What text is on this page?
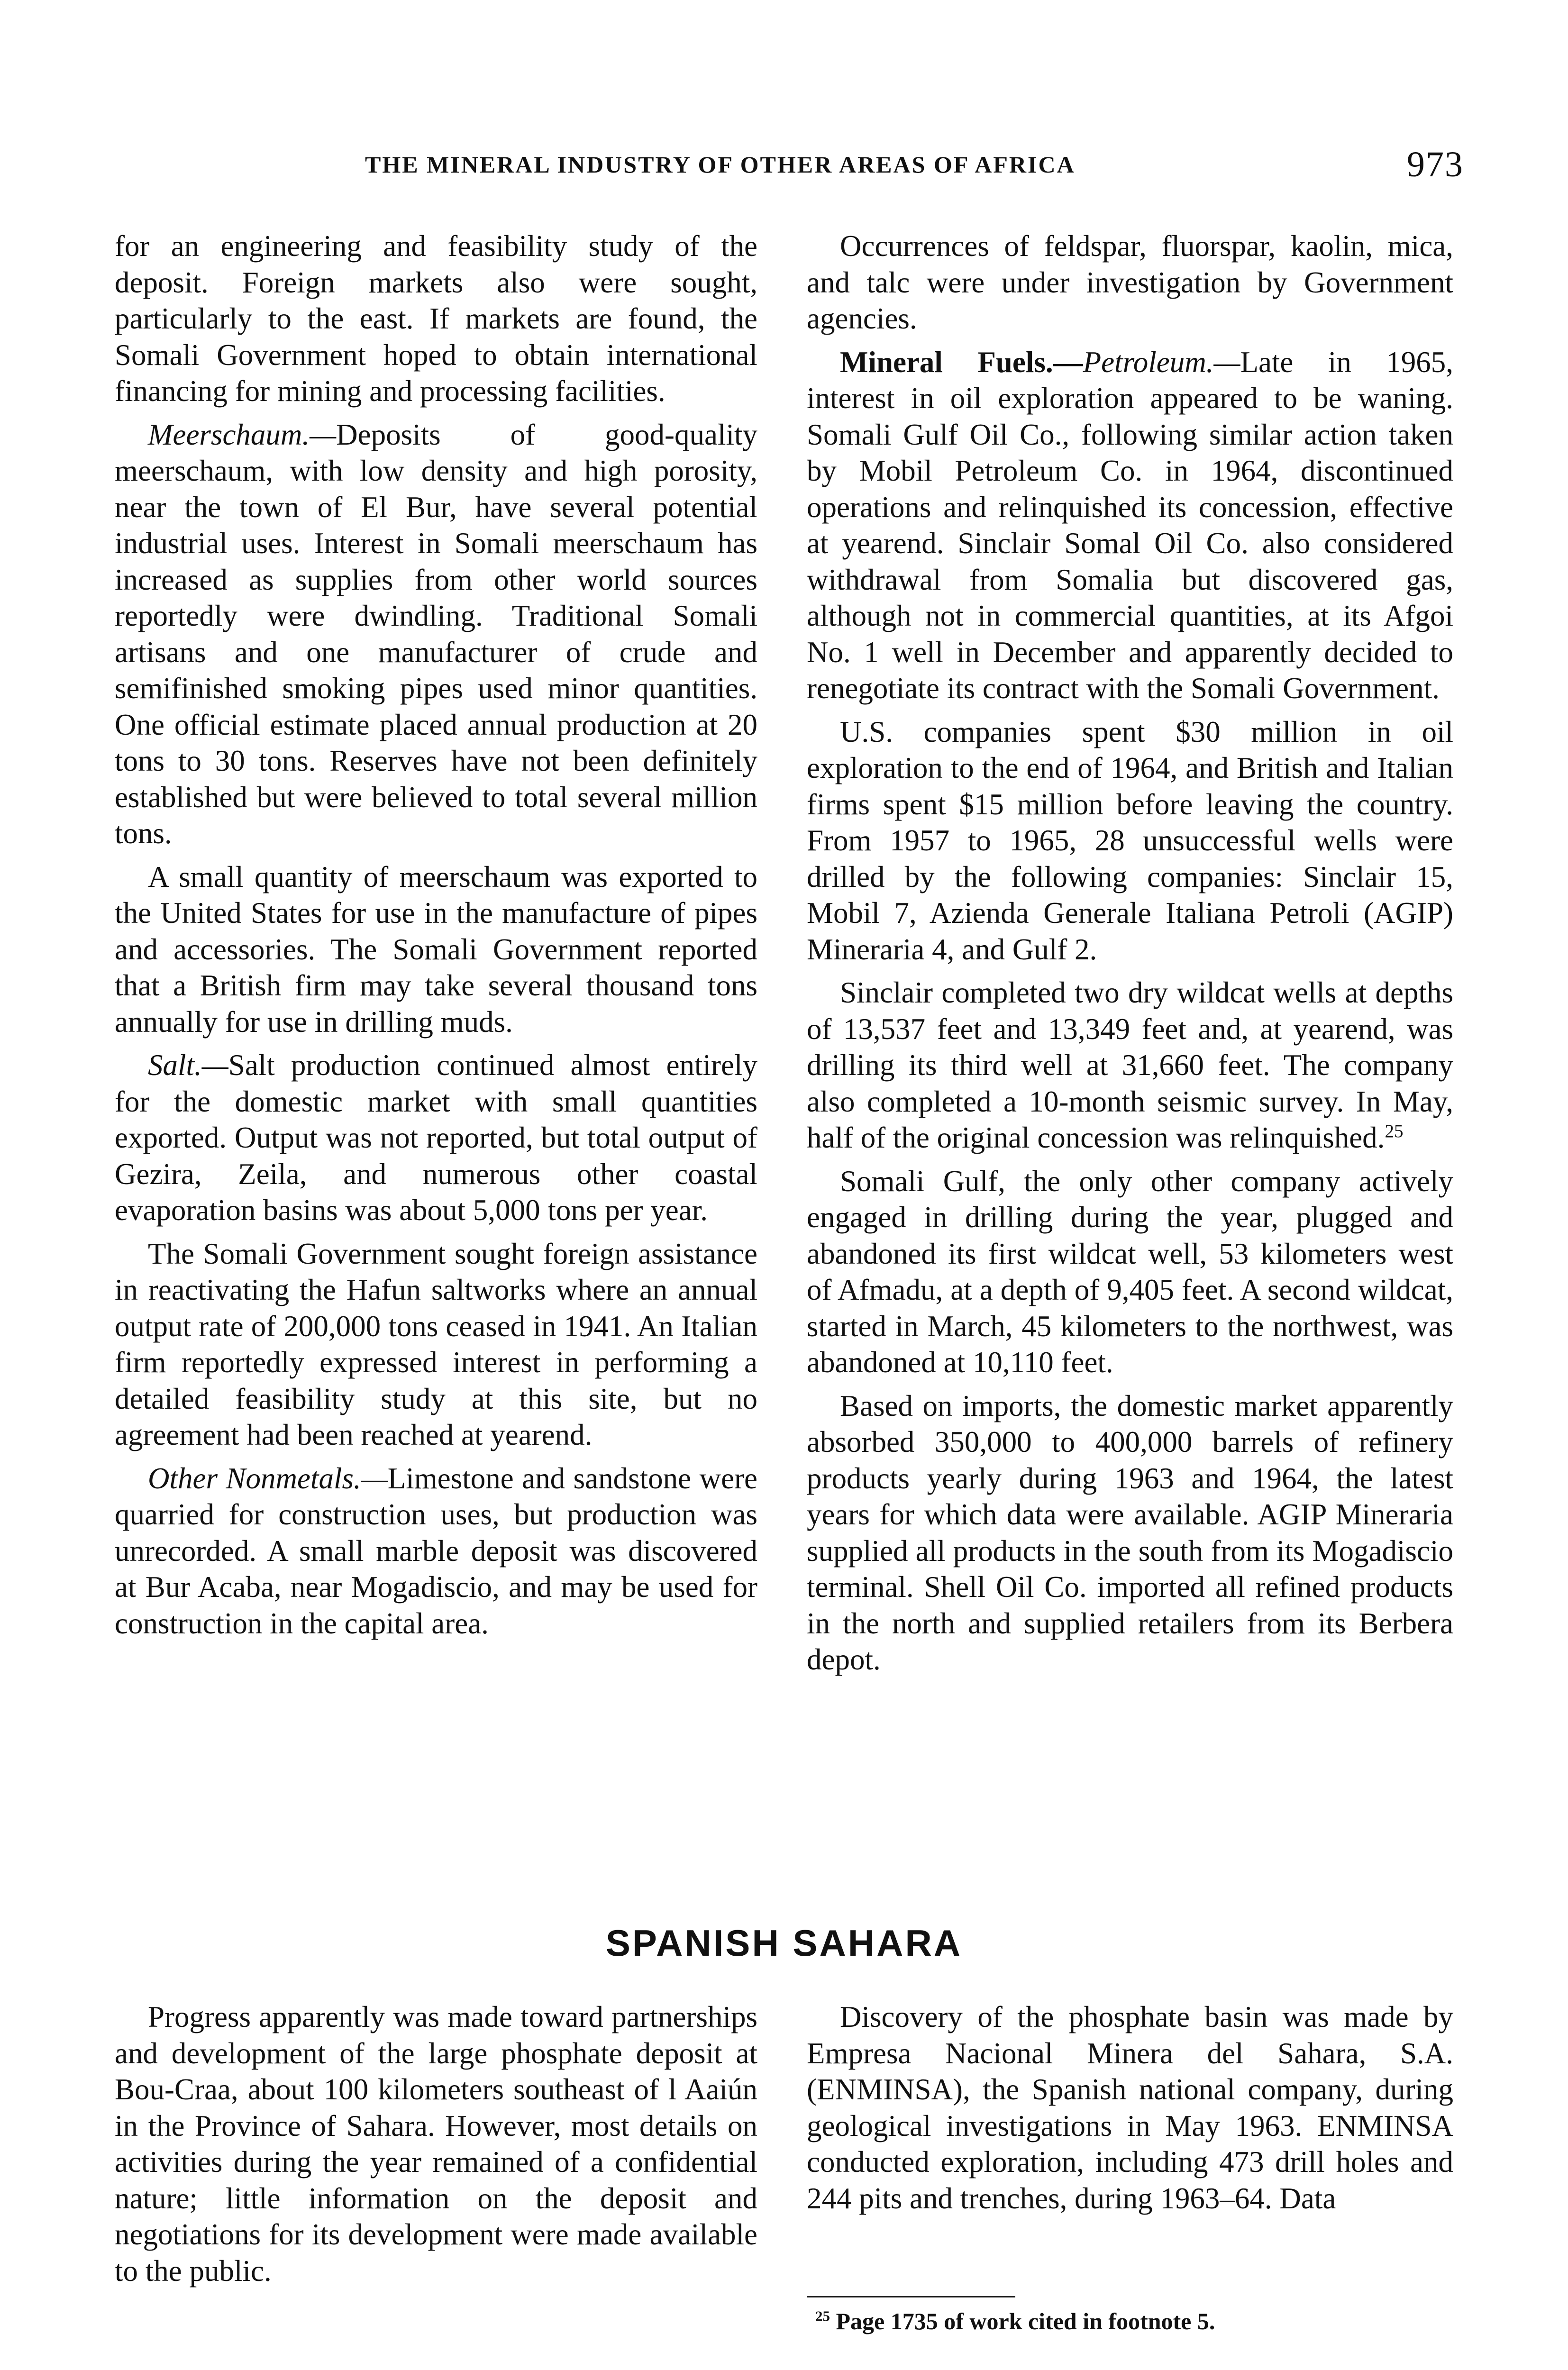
THE MINERAL INDUSTRY OF OTHER AREAS OF AFRICA	973

for an engineering and feasibility study of the deposit. Foreign markets also were sought, particularly to the east. If markets are found, the Somali Government hoped to obtain international financing for mining and processing facilities.

Meerschaum.—Deposits of good-quality meerschaum, with low density and high porosity, near the town of El Bur, have several potential industrial uses. Interest in Somali meerschaum has increased as supplies from other world sources reportedly were dwindling. Traditional Somali artisans and one manufacturer of crude and semifinished smoking pipes used minor quantities. One official estimate placed annual production at 20 tons to 30 tons. Reserves have not been definitely established but were believed to total several million tons.

A small quantity of meerschaum was exported to the United States for use in the manufacture of pipes and accessories. The Somali Government reported that a British firm may take several thousand tons annually for use in drilling muds.

Salt.—Salt production continued almost entirely for the domestic market with small quantities exported. Output was not reported, but total output of Gezira, Zeila, and numerous other coastal evaporation basins was about 5,000 tons per year.

The Somali Government sought foreign assistance in reactivating the Hafun saltworks where an annual output rate of 200,000 tons ceased in 1941. An Italian firm reportedly expressed interest in performing a detailed feasibility study at this site, but no agreement had been reached at yearend.

Other Nonmetals.—Limestone and sandstone were quarried for construction uses, but production was unrecorded. A small marble deposit was discovered at Bur Acaba, near Mogadiscio, and may be used for construction in the capital area.

Occurrences of feldspar, fluorspar, kaolin, mica, and talc were under investigation by Government agencies.

Mineral Fuels.—Petroleum.—Late in 1965, interest in oil exploration appeared to be waning. Somali Gulf Oil Co., following similar action taken by Mobil Petroleum Co. in 1964, discontinued operations and relinquished its concession, effective at yearend. Sinclair Somal Oil Co. also considered withdrawal from Somalia but discovered gas, although not in commercial quantities, at its Afgoi No. 1 well in December and apparently decided to renegotiate its contract with the Somali Government.

U.S. companies spent $30 million in oil exploration to the end of 1964, and British and Italian firms spent $15 million before leaving the country. From 1957 to 1965, 28 unsuccessful wells were drilled by the following companies: Sinclair 15, Mobil 7, Azienda Generale Italiana Petroli (AGIP) Mineraria 4, and Gulf 2.

Sinclair completed two dry wildcat wells at depths of 13,537 feet and 13,349 feet and, at yearend, was drilling its third well at 31,660 feet. The company also completed a 10-month seismic survey. In May, half of the original concession was relinquished.$^{25}$

Somali Gulf, the only other company actively engaged in drilling during the year, plugged and abandoned its first wildcat well, 53 kilometers west of Afmadu, at a depth of 9,405 feet. A second wildcat, started in March, 45 kilometers to the northwest, was abandoned at 10,110 feet.

Based on imports, the domestic market apparently absorbed 350,000 to 400,000 barrels of refinery products yearly during 1963 and 1964, the latest years for which data were available. AGIP Mineraria supplied all products in the south from its Mogadiscio terminal. Shell Oil Co. imported all refined products in the north and supplied retailers from its Berbera depot.

SPANISH SAHARA

Progress apparently was made toward partnerships and development of the large phosphate deposit at Bou-Craa, about 100 kilometers southeast of l Aaiún in the Province of Sahara. However, most details on activities during the year remained of a confidential nature; little information on the deposit and negotiations for its development were made available to the public.

Discovery of the phosphate basin was made by Empresa Nacional Minera del Sahara, S.A. (ENMINSA), the Spanish national company, during geological investigations in May 1963. ENMINSA conducted exploration, including 473 drill holes and 244 pits and trenches, during 1963–64. Data

$^{25}$ Page 1735 of work cited in footnote 5.
